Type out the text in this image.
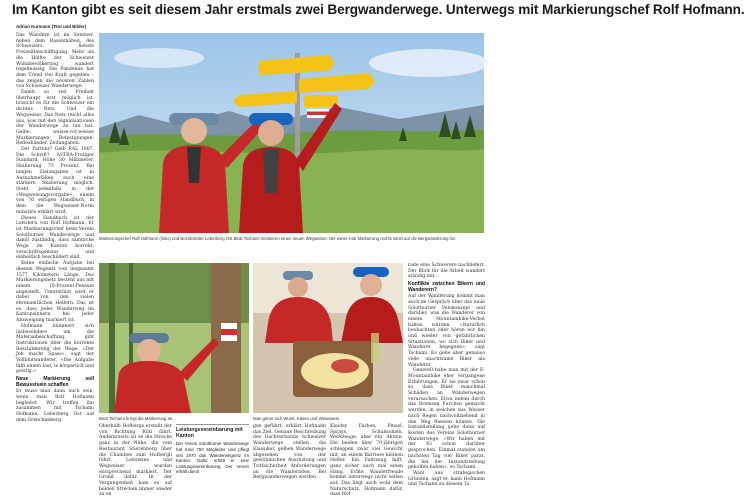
Im Kanton gibt es seit diesem Jahr erstmals zwei Bergwanderwege. Unterwegs mit Markierungschef Rolf Hofmann.
Adrian Kurmann (Text und Bilder)

Das Wandern ist im Sommer, neben dem Rasenmähen, des Schweizers liebste Freizeitbeschäftigung. Mehr als die Hälfte der Schweizer Wohnbevölkerung wandert regelmässig. Die Pandemie hat dem Trend viel Kraft gegeben – das zeigen die neusten Zahlen von Schweizer Wanderwege.

Damit so viel Freiheit überhaupt erst möglich ist, braucht es für die Schweizer ein dichtes Netz. Und die Wegweiser. Das Netz reicht alles aus, was mit den Signalisationen der Wanderwege zu tun hat. Gelbe, weisse-rot-weisse Markierungen, Befestigungen, Reflexbänder, Zeitangaben.

Der Partner? Gelb RAL 1007. Die Schrift? ASTRA-Frutiger Standard. Höhe 30 Millimeter, Skalierung 75 Prozent. Bei langen Zielangaben ist in Ausnahmefällen auch eine stärkere Skalierung möglich. Steht jedenfalls in der «Wegweisungsvorgabe», einem von 76 seitigen Handbuch, in dem die Wegweiser-Norm minutiös erklärt wird.

Dieses Handbuch ist der Leitstern von Rolf Hofmann. Er ist Markierungschef beim Verein Solothurner Wanderwege und damit zuständig, dass sämtliche Wege im Kanton korrekt, vorschriftsgemäss und einheitlich beschildert sind.

Keine einfache Aufgabe bei diesem Wegnetz von insgesamt 1577 Kilometern Länge. Das Markierungsnetz besteht aus mit einem 10-Prozent-Pensum angestellt. Unterstützt wird er dabei von den vielen ehrenamtlichen Helfern. Das ist es, dass jeder Wanderweg im Kantonsinnern bei jeder Abzweigung markiert ist.

Hofmann kümmert sich insbesondere um die Materialbeschaffung, gibt Instruktionen über die korrekte Beschilderung der Wege. «Der Job macht Spass», sagt der Vollblutwanderer. «Die Aufgabe fällt einem fast, is körperlich und geistig.»

Neue Markierung soll Bewusstsein schaffen

Er muss man dann auch sein, wenn man Rolf Hofmann begleitet. Wir treffen ihn zusammen mit Tschami Hofmann, Leberberg Ost auf dem Grenchenberg.

Markierungschef Rolf Hofmann (links) und Bezirksleiter Leberberg Ost Beat Tschami montieren einen neuen Wegweiser. Die weiss-rote Markierung rechts weist auf die Bergwanderung hin.
Beat Tschami bringt die Markierung an.	Man gönnt sich Wurst, Käsen und Weisswein.
Oberhalb Hofbergs erstellt der von Richtung Rüti fährt. Andererseits ist es die Strecke ganz in der Nähe, die vom Restaurant Stierenberg über die Chamben zum Hofbergli führt. Leitsteine und Wegweiser wurden entsprechend markiert. Der Grund dafür: In der Vergangenheit kam es auf beiden Strecken immer wieder zu en
Leistungsvereinbarung mit Kanton
Der Verein Solothurner Wanderwege hat rund 750 Mitglieder und pflegt seit 1970 das Wanderwegnetz im Kanton. Dafür erhält er eine Leistungsvereinbarung. Der Verein erhält damit
gen geführt, erklärt Hofmann das Ziel. Genaue Beschreibung des Dachverbands Schweizer Wanderwege stellen die Klassiker, gelben Wanderwege abgesehen von der gewöhnlichen Ausrüstung und Trittsicherheit Anforderungen an die Wandernden. Bei Bergwanderwegen werden
Kleider, Farben, Pinsel, Sprays, Schuhsohlen, Werkzeuge, aber nur Aktion. Die beiden über 70-jährigen schleppen zwar viel Gewicht mit, an einem Barriere kleinen Helfer. Ein Fahrzeug hilft, ganz sicher auch mal einen Hang. Echte Wanderfreude kommt unterwegs nicht selten auf. Das liegt auch wohl dem Naturschutz, Hofmann dafür, dass Hof

rade eine Schwerere nachliefert. Der Blick für die Arbeit wandert ständig mit.

Konflikte zwischen Bikern und Wanderern?

Auf der Wanderung kommt man auch im Gespräch über das neue Solothurner Velokonzept und darüber, was die Wanderer von einem Mountainbike-Verbot halten würden. «Natürlich beobachten oder hören wir hin und wieder von gefährlichen Situationen, wo sich Biker und Wanderer begegnen», sagt Tschami. Es gebe aber genauso viele unachtsame Biker als Wanderer.

Generell habe man mit der E-Mountainbike eher vergangene Erfahrungen. Er sei zwar schon so, dass Biker manchmal Schäden an Wanderwegen verursachen. Etwa indem durch das Bremsen Furchen gemacht werden, in welchen das Wasser nach Regen nachvollziehend in den Weg fliessen könnte. Die Instandstellung gehe dann auf Kosten des Vereins Solothurner Wanderwege. «Wir haben mit der IG schon darüber gesprochen. Einmal standen am nächsten Tag vier Biker parat, die bei der Instandstellung geholfen haben», so Tschami.

Wohl aus strategischen Gründen, sagt er, kann Hofmann und Tschami zu diesem Ta
